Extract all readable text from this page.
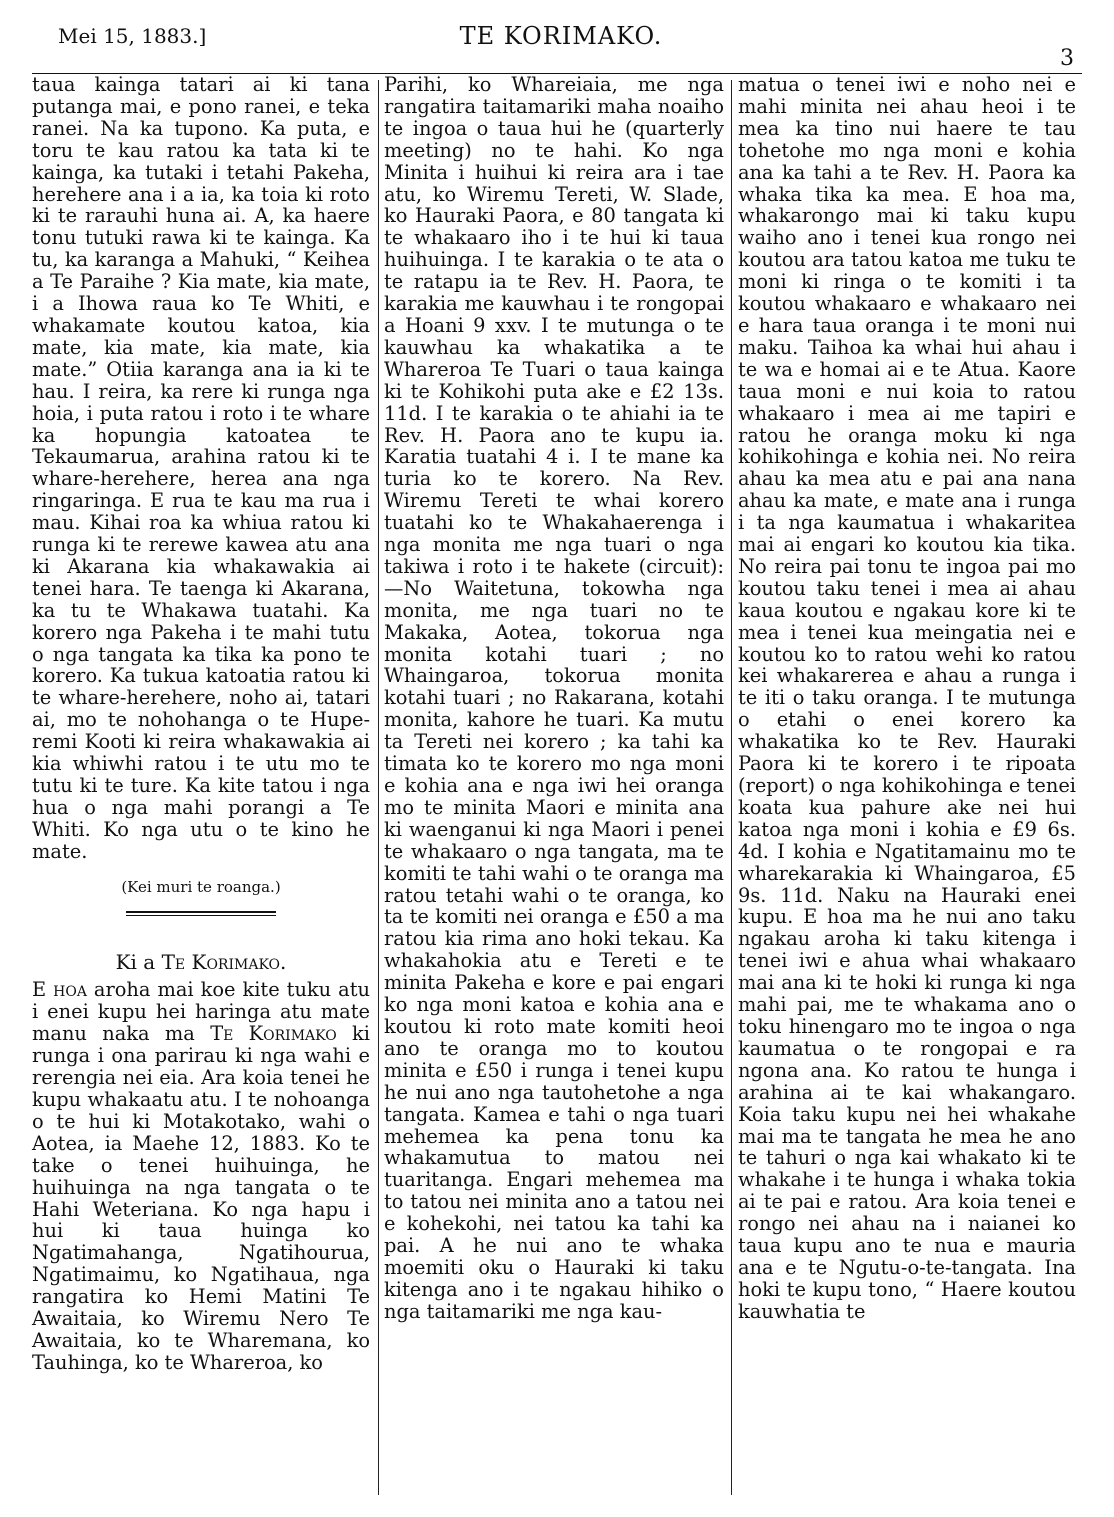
Mei 15, 1883.]	TE KORIMAKO.
3

taua kainga tatari ai ki tana putanga mai, e pono ranei, e teka ranei. Na ka tupono. Ka puta, e toru te kau ratou ka tata ki te kainga, ka tutaki i tetahi Pakeha, herehere ana i a ia, ka toia ki roto ki te rarauhi huna ai. A, ka haere tonu tutuki rawa ki te kainga. Ka tu, ka karanga a Mahuki, “ Keihea a Te Paraihe ? Kia mate, kia mate, i a Ihowa raua ko Te Whiti, e whakamate koutou katoa, kia mate, kia mate, kia mate, kia mate.” Otiia karanga ana ia ki te hau. I reira, ka rere ki runga nga hoia, i puta ratou i roto i te whare ka hopungia katoatea te Tekaumarua, arahina ratou ki te whare-herehere, herea ana nga ringaringa. E rua te kau ma rua i mau. Kihai roa ka whiua ratou ki runga ki te rerewe kawea atu ana ki Akarana kia whakawakia ai tenei hara. Te taenga ki Akarana, ka tu te Whakawa tuatahi. Ka korero nga Pakeha i te mahi tutu o nga tangata ka tika ka pono te korero. Ka tukua katoatia ratou ki te whare-herehere, noho ai, tatari ai, mo te nohohanga o te Hupe-remi Kooti ki reira whakawakia ai kia whiwhi ratou i te utu mo te tutu ki te ture. Ka kite tatou i nga hua o nga mahi porangi a Te Whiti. Ko nga utu o te kino he mate.

(Kei muri te roanga.)
Ki a Te Korimako.

E hoa aroha mai koe kite tuku atu i enei kupu hei haringa atu mate manu naka ma Te Korimako ki runga i ona parirau ki nga wahi e rerengia nei eia. Ara koia tenei he kupu whakaatu atu. I te nohoanga o te hui ki Motakotako, wahi o Aotea, ia Maehe 12, 1883. Ko te take o tenei huihuinga, he huihuinga na nga tangata o te Hahi Weteriana. Ko nga hapu i hui ki taua huinga ko Ngatimahanga, Ngatihourua, Ngatimaimu, ko Ngatihaua, nga rangatira ko Hemi Matini Te Awaitaia, ko Wiremu Nero Te Awaitaia, ko te Wharemana, ko Tauhinga, ko te Whareroa, ko

Parihi, ko Whareiaia, me nga rangatira taitamariki maha noaiho te ingoa o taua hui he (quarterly meeting) no te hahi. Ko nga Minita i huihui ki reira ara i tae atu, ko Wiremu Tereti, W. Slade, ko Hauraki Paora, e 80 tangata ki te whakaaro iho i te hui ki taua huihuinga. I te karakia o te ata o te ratapu ia te Rev. H. Paora, te karakia me kauwhau i te rongopai a Hoani 9 xxv. I te mutunga o te kauwhau ka whakatika a te Whareroa Te Tuari o taua kainga ki te Kohikohi puta ake e £2 13s. 11d. I te karakia o te ahiahi ia te Rev. H. Paora ano te kupu ia. Karatia tuatahi 4 i. I te mane ka turia ko te korero. Na Rev. Wiremu Tereti te whai korero tuatahi ko te Whakahaerenga i nga monita me nga tuari o nga takiwa i roto i te hakete (circuit):—No Waitetuna, tokowha nga monita, me nga tuari no te Makaka, Aotea, tokorua nga monita kotahi tuari ; no Whaingaroa, tokorua monita kotahi tuari ; no Rakarana, kotahi monita, kahore he tuari. Ka mutu ta Tereti nei korero ; ka tahi ka timata ko te korero mo nga moni e kohia ana e nga iwi hei oranga mo te minita Maori e minita ana ki waenganui ki nga Maori i penei te whakaaro o nga tangata, ma te komiti te tahi wahi o te oranga ma ratou tetahi wahi o te oranga, ko ta te komiti nei oranga e £50 a ma ratou kia rima ano hoki tekau. Ka whakahokia atu e Tereti e te minita Pakeha e kore e pai engari ko nga moni katoa e kohia ana e koutou ki roto mate komiti heoi ano te oranga mo to koutou minita e £50 i runga i tenei kupu he nui ano nga tautohetohe a nga tangata. Kamea e tahi o nga tuari mehemea ka pena tonu ka whakamutua to matou nei tuaritanga. Engari mehemea ma to tatou nei minita ano a tatou nei e kohekohi, nei tatou ka tahi ka pai. A he nui ano te whaka moemiti oku o Hauraki ki taku kitenga ano i te ngakau hihiko o nga taitamariki me nga kau-

matua o tenei iwi e noho nei e mahi minita nei ahau heoi i te mea ka tino nui haere te tau tohetohe mo nga moni e kohia ana ka tahi a te Rev. H. Paora ka whaka tika ka mea. E hoa ma, whakarongo mai ki taku kupu waiho ano i tenei kua rongo nei koutou ara tatou katoa me tuku te moni ki ringa o te komiti i ta koutou whakaaro e whakaaro nei e hara taua oranga i te moni nui maku. Taihoa ka whai hui ahau i te wa e homai ai e te Atua. Kaore taua moni e nui koia to ratou whakaaro i mea ai me tapiri e ratou he oranga moku ki nga kohikohinga e kohia nei. No reira ahau ka mea atu e pai ana nana ahau ka mate, e mate ana i runga i ta nga kaumatua i whakaritea mai ai engari ko koutou kia tika. No reira pai tonu te ingoa pai mo koutou taku tenei i mea ai ahau kaua koutou e ngakau kore ki te mea i tenei kua meingatia nei e koutou ko to ratou wehi ko ratou kei whakarerea e ahau a runga i te iti o taku oranga. I te mutunga o etahi o enei korero ka whakatika ko te Rev. Hauraki Paora ki te korero i te ripoata (report) o nga kohikohinga e tenei koata kua pahure ake nei hui katoa nga moni i kohia e £9 6s. 4d. I kohia e Ngatitamainu mo te wharekarakia ki Whaingaroa, £5 9s. 11d. Naku na Hauraki enei kupu. E hoa ma he nui ano taku ngakau aroha ki taku kitenga i tenei iwi e ahua whai whakaaro mai ana ki te hoki ki runga ki nga mahi pai, me te whakama ano o toku hinengaro mo te ingoa o nga kaumatua o te rongopai e ra ngona ana. Ko ratou te hunga i arahina ai te kai whakangaro. Koia taku kupu nei hei whakahe mai ma te tangata he mea he ano te tahuri o nga kai whakato ki te whakahe i te hunga i whaka tokia ai te pai e ratou. Ara koia tenei e rongo nei ahau na i naianei ko taua kupu ano te nua e mauria ana e te Ngutu-o-te-tangata. Ina hoki te kupu tono, “ Haere koutou kauwhatia te
